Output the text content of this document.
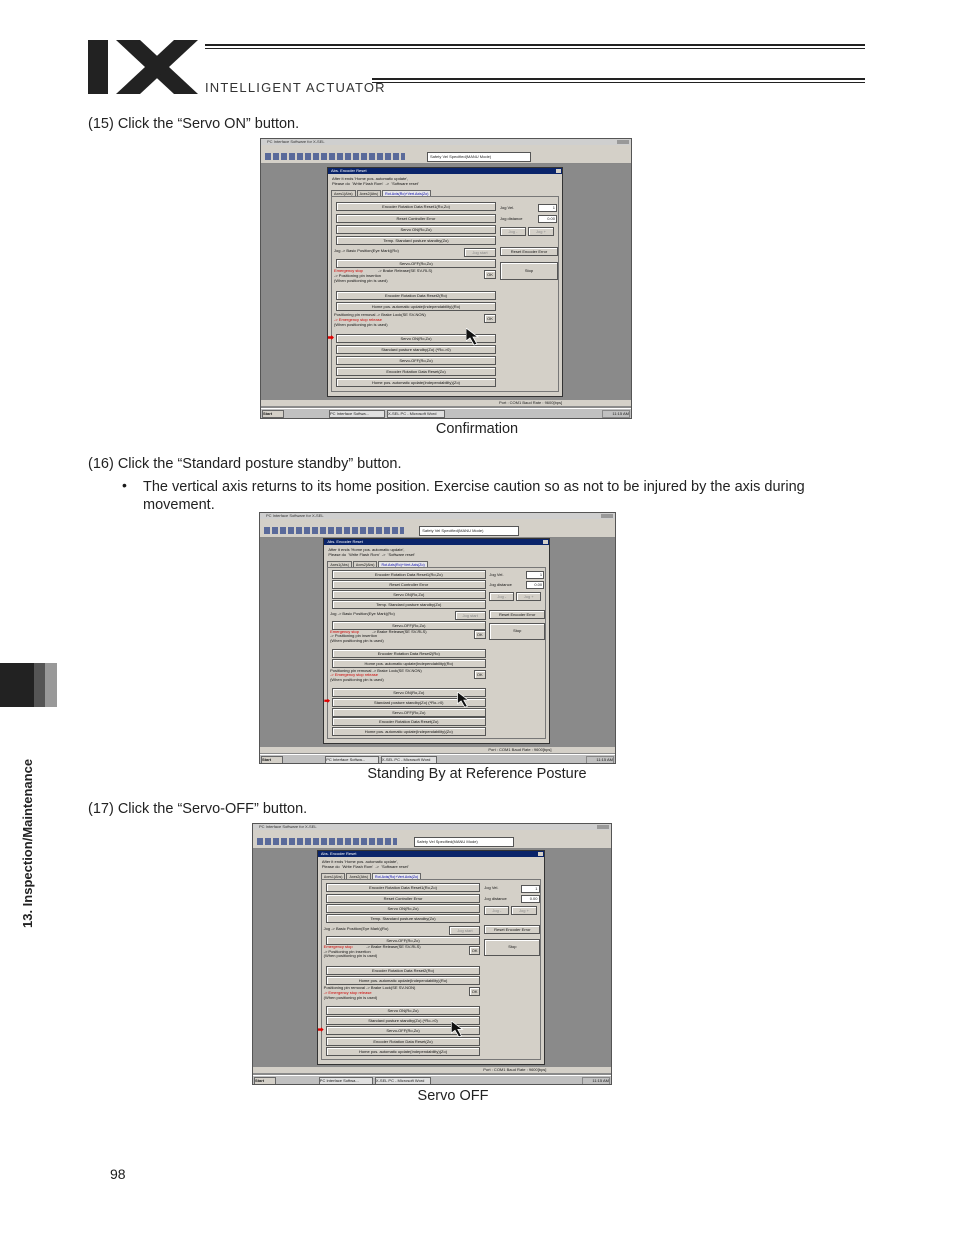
INTELLIGENT ACTUATOR
13. Inspection/Maintenance
(15) Click the “Servo ON” button.
PC Interface Software for X-SEL
Safety Vel Specified(MANU Mode)
Abs. Encoder Reset
After it ends 'Home pos. automatic update',
Please do  'Write Flash Rom'  ->  'Software reset'
Axes1(Abs) Axes2(Abs) Rot.Axis(Ro)+Vert.Axis(Zo)
Encoder Rotation Data Reset1(Ro,Zo)
Reset Controller Error
Servo ON(Ro,Zo)
Temp. Standard posture standby(Zo)
Jog -> Basic Position(Eye Mark)(Ro)	Jog start
Servo-OFF(Ro,Zo)
Emergency stop	-> Brake Release(SE SV-RLS)
-> Positioning pin insertion
(When positioning pin is used)
OK
Encoder Rotation Data Reset2(Ro)
Home pos. automatic update(Independability)(Ro)
Positioning pin removal -> Brake Lock(SE SV-NON)
-> Emergency stop release
(When positioning pin is used)
OK
Servo ON(Ro,Zo)
Standard posture standby(Zo) (*Ro->0)
Servo-OFF(Ro,Zo)
Encoder Rotation Data Reset(Zo)
Home pos. automatic update(Independability)(Zo)
Jog Vel.	1
Jog distance	0.00
Jog -	Jog +
Reset Encoder Error
Stop
Port : COM1 Baud Rate : 9600[bps]
Start	PC Interface Softwa...	X-SEL PC - Microsoft Word	11:15 AM
Confirmation
(16) Click the “Standard posture standby” button.
• The vertical axis returns to its home position. Exercise caution so as not to be injured by the axis during movement.
PC Interface Software for X-SEL
Safety Vel Specified(MANU Mode)
Abs. Encoder Reset
After it ends 'Home pos. automatic update',
Please do  'Write Flash Rom'  ->  'Software reset'
Axes1(Abs) Axes2(Abs) Rot.Axis(Ro)+Vert.Axis(Zo)
Encoder Rotation Data Reset1(Ro,Zo)
Reset Controller Error
Servo ON(Ro,Zo)
Temp. Standard posture standby(Zo)
Jog -> Basic Position(Eye Mark)(Ro)	Jog start
Servo-OFF(Ro,Zo)
Emergency stop	-> Brake Release(SE SV-RLS)
-> Positioning pin insertion
(When positioning pin is used)
OK
Encoder Rotation Data Reset2(Ro)
Home pos. automatic update(Independability)(Ro)
Positioning pin removal -> Brake Lock(SE SV-NON)
-> Emergency stop release
(When positioning pin is used)
OK
Servo ON(Ro,Zo)
Standard posture standby(Zo) (*Ro->0)
Servo-OFF(Ro,Zo)
Encoder Rotation Data Reset(Zo)
Home pos. automatic update(Independability)(Zo)
Jog Vel.	1
Jog distance	0.00
Jog -	Jog +
Reset Encoder Error
Stop
Port : COM1 Baud Rate : 9600[bps]
Start	PC Interface Softwa...	X-SEL PC - Microsoft Word	11:15 AM
Standing By at Reference Posture
(17) Click the “Servo-OFF” button.
PC Interface Software for X-SEL
Safety Vel Specified(MANU Mode)
Abs. Encoder Reset
After it ends 'Home pos. automatic update',
Please do  'Write Flash Rom'  ->  'Software reset'
Axes1(Abs) Axes2(Abs) Rot.Axis(Ro)+Vert.Axis(Zo)
Encoder Rotation Data Reset1(Ro,Zo)
Reset Controller Error
Servo ON(Ro,Zo)
Temp. Standard posture standby(Zo)
Jog -> Basic Position(Eye Mark)(Ro)	Jog start
Servo-OFF(Ro,Zo)
Emergency stop	-> Brake Release(SE SV-RLS)
-> Positioning pin insertion
(When positioning pin is used)
OK
Encoder Rotation Data Reset2(Ro)
Home pos. automatic update(Independability)(Ro)
Positioning pin removal -> Brake Lock(SE SV-NON)
-> Emergency stop release
(When positioning pin is used)
OK
Servo ON(Ro,Zo)
Standard posture standby(Zo) (*Ro->0)
Servo-OFF(Ro,Zo)
Encoder Rotation Data Reset(Zo)
Home pos. automatic update(Independability)(Zo)
Jog Vel.	1
Jog distance	0.00
Jog -	Jog +
Reset Encoder Error
Stop
Port : COM1 Baud Rate : 9600[bps]
Start	PC Interface Softwa...	X-SEL PC - Microsoft Word	11:15 AM
Servo OFF
98
